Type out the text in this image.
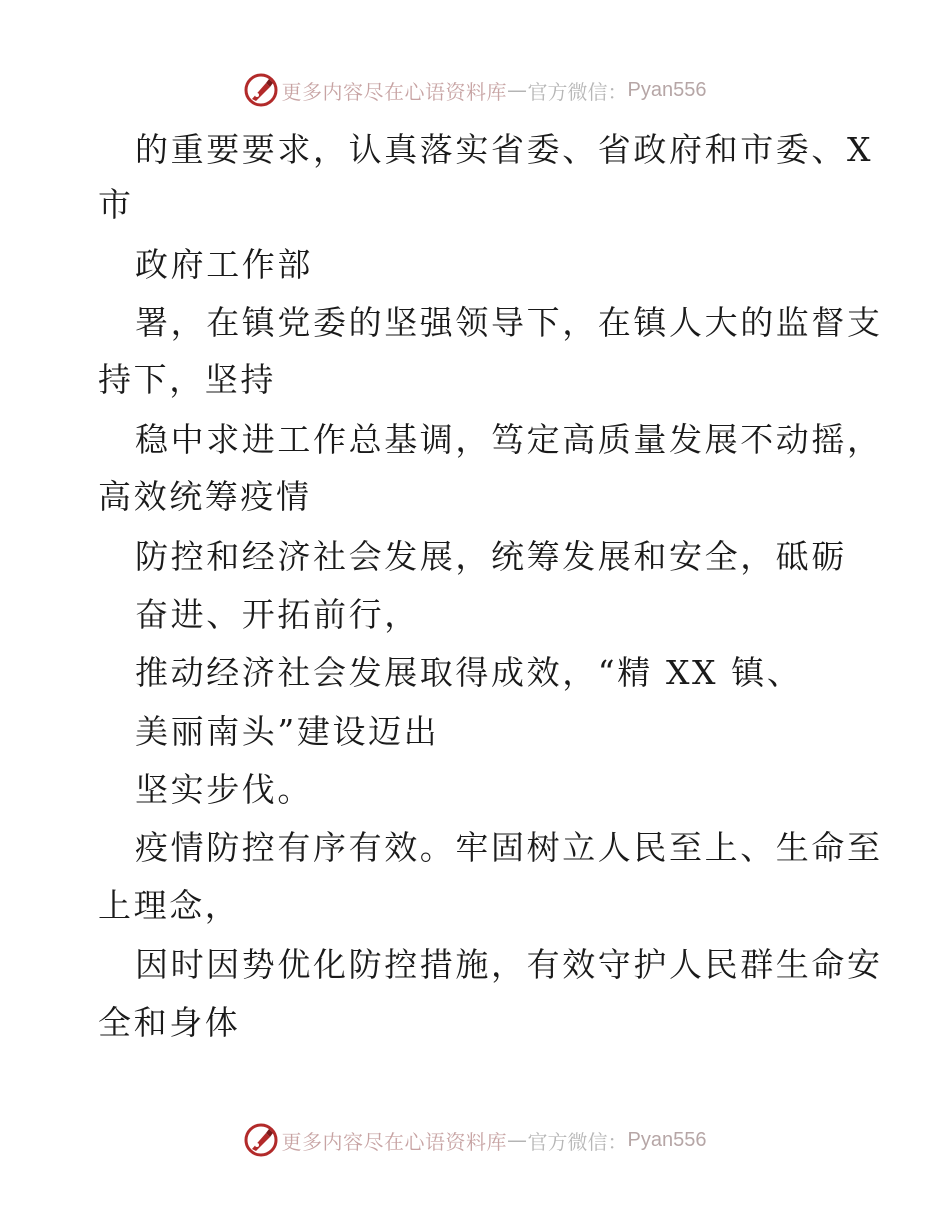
更多内容尽在心语资料库 — 官方微信： Pyan556
的重要要求，认真落实省委、省政府和市委、X
市
政府工作部
署，在镇党委的坚强领导下，在镇人大的监督支
持下，坚持
稳中求进工作总基调，笃定高质量发展不动摇，
高效统筹疫情
防控和经济社会发展，统筹发展和安全，砥砺
奋进、开拓前行，
推动经济社会发展取得成效，“精 XX 镇、
美丽南头”建设迈出
坚实步伐。
疫情防控有序有效。牢固树立人民至上、生命至
上理念，
因时因势优化防控措施，有效守护人民群生命安
全和身体
更多内容尽在心语资料库 — 官方微信： Pyan556
